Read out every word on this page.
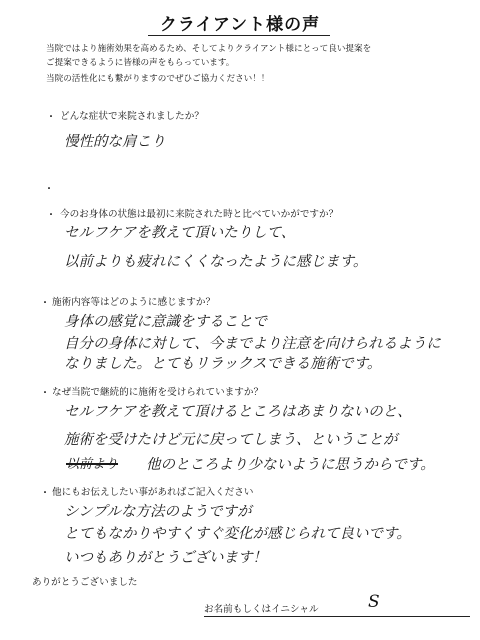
クライアント様の声
当院ではより施術効果を高めるため、そしてよりクライアント様にとって良い提案を
ご提案できるように皆様の声をもらっています。
当院の活性化にも繋がりますのでぜひご協力ください！！
・ どんな症状で来院されましたか？
慢性的な肩こり
・
・ 今のお身体の状態は最初に来院された時と比べていかがですか？
セルフケアを教えて頂いたりして、
以前よりも疲れにくくなったように感じます。
・ 施術内容等はどのように感じますか？
身体の感覚に意識をすることで
自分の身体に対して、今までより注意を向けられるように
なりました。とてもリラックスできる施術です。
・ なぜ当院で継続的に施術を受けられていますか？
セルフケアを教えて頂けるところはあまりないのと、
施術を受けたけど元に戻ってしまう、ということが
以前より 他のところより少ないように思うからです。
・ 他にもお伝えしたい事があればご記入ください
シンプルな方法のようですが
とてもなかりやすくすぐ変化が感じられて良いです。
いつもありがとうございます！
ありがとうございました
お名前もしくはイニシャル	S
